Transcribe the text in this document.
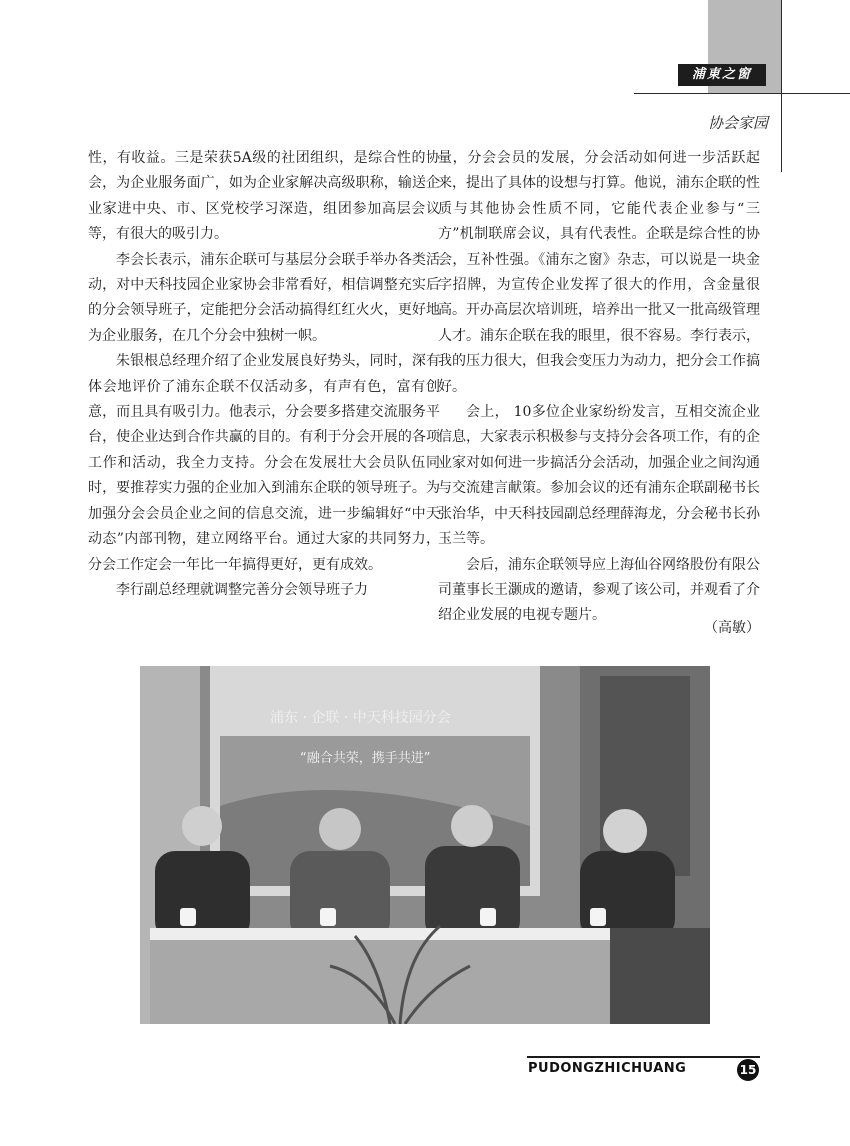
浦東之窗
协会家园

性，有收益。三是荣获5A级的社团组织，是综合性的协会，为企业服务面广，如为企业家解决高级职称，输送企业家进中央、市、区党校学习深造，组团参加高层会议等，有很大的吸引力。

李会长表示，浦东企联可与基层分会联手举办各类活动，对中天科技园企业家协会非常看好，相信调整充实后的分会领导班子，定能把分会活动搞得红红火火，更好地为企业服务，在几个分会中独树一帜。

朱银根总经理介绍了企业发展良好势头，同时，深有体会地评价了浦东企联不仅活动多，有声有色，富有创意，而且具有吸引力。他表示，分会要多搭建交流服务平台，使企业达到合作共赢的目的。有利于分会开展的各项工作和活动，我全力支持。分会在发展壮大会员队伍同时，要推荐实力强的企业加入到浦东企联的领导班子。为加强分会会员企业之间的信息交流，进一步编辑好“中天动态”内部刊物，建立网络平台。通过大家的共同努力，分会工作定会一年比一年搞得更好，更有成效。

李行副总经理就调整完善分会领导班子力

量，分会会员的发展，分会活动如何进一步活跃起来，提出了具体的设想与打算。他说，浦东企联的性质与其他协会性质不同，它能代表企业参与“三方”机制联席会议，具有代表性。企联是综合性的协会，互补性强。《浦东之窗》杂志，可以说是一块金字招牌，为宣传企业发挥了很大的作用，含金量很高。开办高层次培训班，培养出一批又一批高级管理人才。浦东企联在我的眼里，很不容易。李行表示，我的压力很大，但我会变压力为动力，把分会工作搞好。

会上， 10多位企业家纷纷发言，互相交流企业信息，大家表示积极参与支持分会各项工作，有的企业家对如何进一步搞活分会活动，加强企业之间沟通与交流建言献策。参加会议的还有浦东企联副秘书长张治华，中天科技园副总经理薛海龙，分会秘书长孙玉兰等。

会后，浦东企联领导应上海仙谷网络股份有限公司董事长王灏成的邀请，参观了该公司，并观看了介绍企业发展的电视专题片。

（高敏）
浦东 · 企联 · 中天科技园分会
“融合共荣，携手共进”
PUDONGZHICHUANG	15
